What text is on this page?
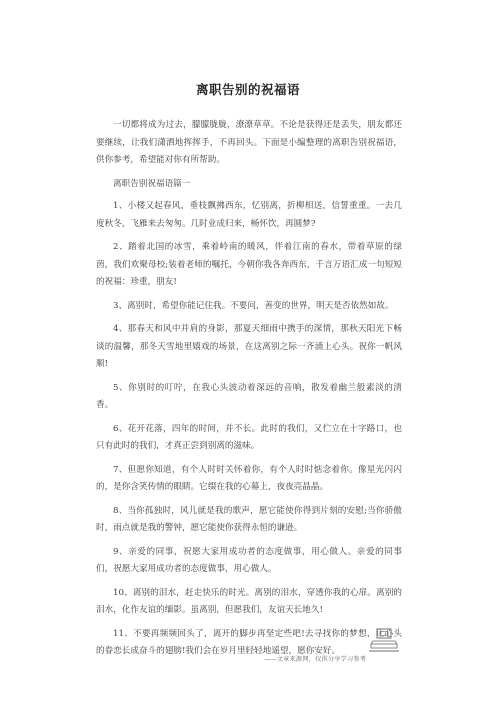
离职告别的祝福语

一切都将成为过去，朦朦胧胧，潦潦草草。不论是获得还是丢失，朋友都还要继续，让我们潇洒地挥挥手，不再回头。下面是小编整理的离职告别祝福语，供你参考，希望能对你有所帮助。

离职告别祝福语篇一

1、小楼又起春风，垂枝飘拂西东，忆别离，折柳相送，信誓重重。一去几度秋冬，飞雁来去匆匆。几时业成归来，畅怀饮，再圆梦?

2、踏着北国的冰雪，乘着岭南的暖风，伴着江南的春水，带着草原的绿茵，我们欢聚母校;装着老师的嘱托，今朝你我各奔西东，千言万语汇成一句短短的祝福：珍重，朋友!

3、离别时，希望你能记住我。不要问，善变的世界，明天是否依然如故。

4、那春天和风中并肩的身影，那夏天细雨中携手的深情，那秋天阳光下畅谈的温馨，那冬天雪地里嬉戏的场景，在这离别之际一齐涌上心头。祝你一帆风顺!

5、你别时的叮咛，在我心头波动着深远的音响，散发着幽兰般素淡的清香。

6、花开花落，四年的时间，并不长。此时的我们，又伫立在十字路口，也只有此时的我们，才真正尝到别离的滋味。

7、但愿你知道，有个人时时关怀着你，有个人时时惦念着你。像星光闪闪的，是你含笑传情的眼睛。它缀在我的心幕上，夜夜亮晶晶。

8、当你孤独时，风儿就是我的歌声，愿它能使你得到片刻的安慰;当你骄傲时，雨点就是我的警钟，愿它能使你获得永恒的谦逊。

9、亲爱的同事，祝愿大家用成功者的态度做事，用心做人。亲爱的同事们，祝愿大家用成功者的态度做事，用心做人。

10、离别的泪水，赶走快乐的时光。离别的泪水，穿透你我的心扉。离别的泪水，化作友谊的缅影。虽离别，但愿我们，友谊天长地久!

11、不要再频频回头了，离开的脚步再坚定些吧!去寻找你的梦想，让心头的眷恋长成奋斗的翅膀!我们会在岁月里轻轻地遥望，愿你安好。

——文章来源网，仅供分享学习参考
